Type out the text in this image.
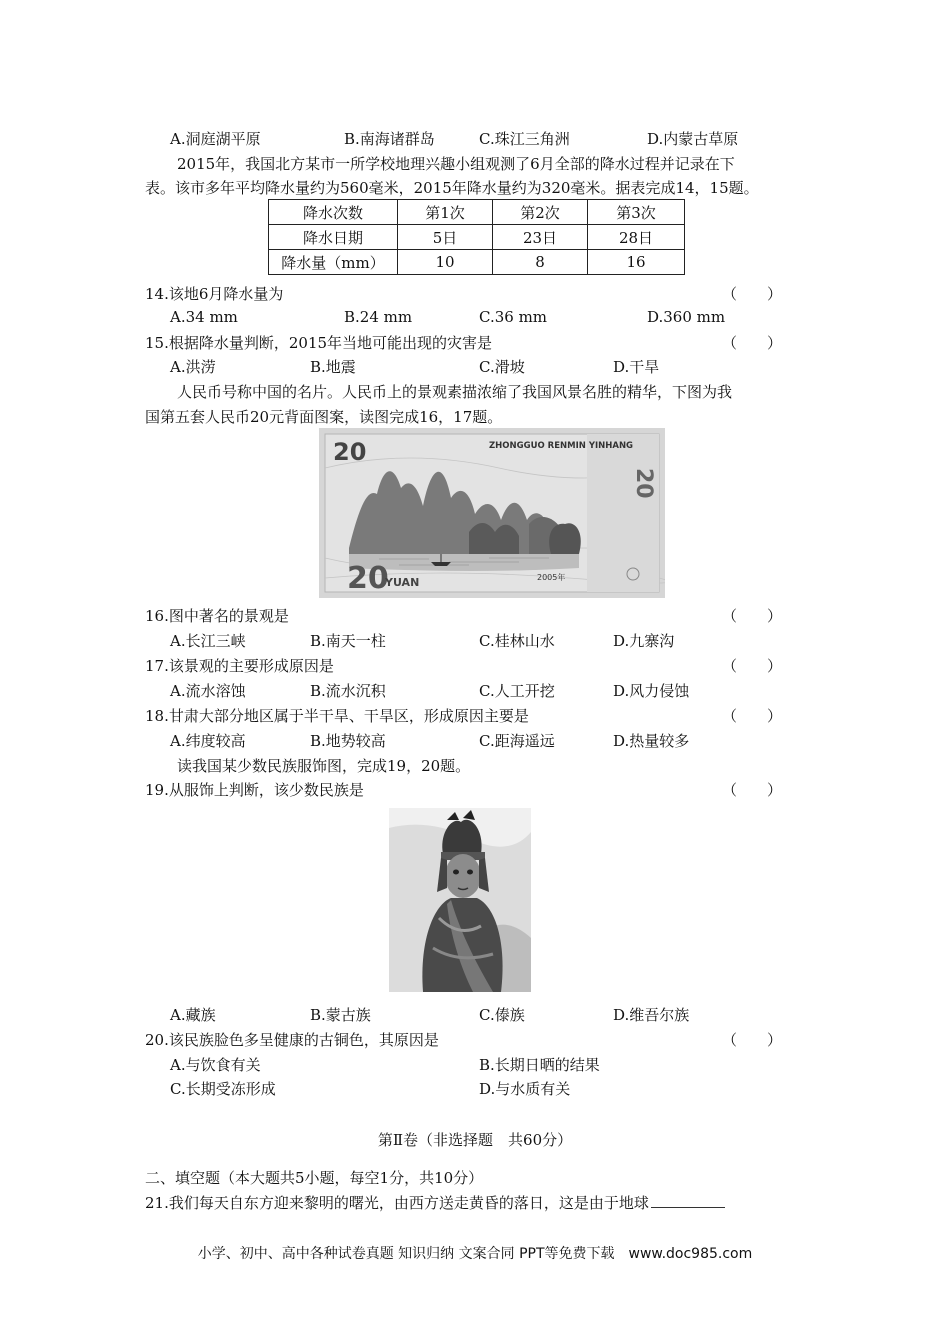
A.洞庭湖平原	B.南海诸群岛	C.珠江三角洲	D.内蒙古草原
2015年，我国北方某市一所学校地理兴趣小组观测了6月全部的降水过程并记录在下
表。该市多年平均降水量约为560毫米，2015年降水量约为320毫米。据表完成14，15题。
降水次数	第1次	第2次	第3次
降水日期	5日	23日	28日
降水量（mm）	10	8	16
14.该地6月降水量为	（　　）
A.34 mm	B.24 mm	C.36 mm	D.360 mm
15.根据降水量判断，2015年当地可能出现的灾害是	（　　）
A.洪涝	B.地震	C.滑坡	D.干旱
人民币号称中国的名片。人民币上的景观素描浓缩了我国风景名胜的精华，下图为我
国第五套人民币20元背面图案，读图完成16，17题。
20
20
YUAN
ZHONGGUO RENMIN YINHANG
2005年
20
16.图中著名的景观是	（　　）
A.长江三峡	B.南天一柱	C.桂林山水	D.九寨沟
17.该景观的主要形成原因是	（　　）
A.流水溶蚀	B.流水沉积	C.人工开挖	D.风力侵蚀
18.甘肃大部分地区属于半干旱、干旱区，形成原因主要是	（　　）
A.纬度较高	B.地势较高	C.距海遥远	D.热量较多
读我国某少数民族服饰图，完成19，20题。
19.从服饰上判断，该少数民族是	（　　）
A.藏族	B.蒙古族	C.傣族	D.维吾尔族
20.该民族脸色多呈健康的古铜色，其原因是	（　　）
A.与饮食有关	B.长期日晒的结果
C.长期受冻形成	D.与水质有关
第Ⅱ卷（非选择题　共60分）
二、填空题（本大题共5小题，每空1分，共10分）
21.我们每天自东方迎来黎明的曙光，由西方送走黄昏的落日，这是由于地球
小学、初中、高中各种试卷真题 知识归纳 文案合同 PPT等免费下载　www.doc985.com
